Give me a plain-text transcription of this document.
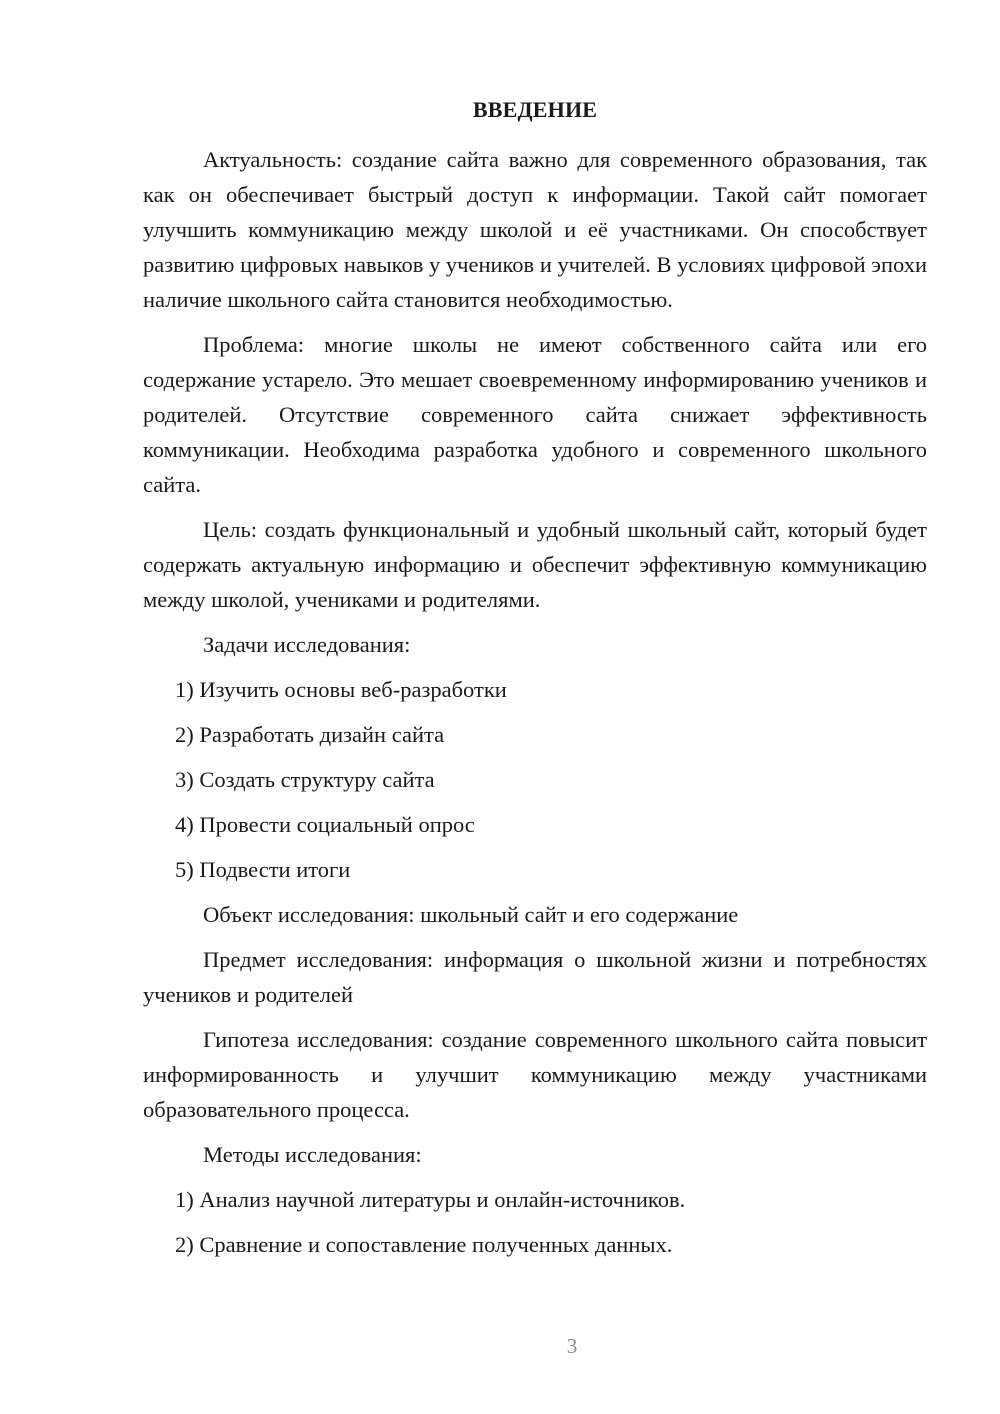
ВВЕДЕНИЕ

Актуальность: создание сайта важно для современного образования, так как он обеспечивает быстрый доступ к информации. Такой сайт помогает улучшить коммуникацию между школой и её участниками. Он способствует развитию цифровых навыков у учеников и учителей. В условиях цифровой эпохи наличие школьного сайта становится необходимостью.

Проблема: многие школы не имеют собственного сайта или его содержание устарело. Это мешает своевременному информированию учеников и родителей. Отсутствие современного сайта снижает эффективность коммуникации. Необходима разработка удобного и современного школьного сайта.

Цель: создать функциональный и удобный школьный сайт, который будет содержать актуальную информацию и обеспечит эффективную коммуникацию между школой, учениками и родителями.

Задачи исследования:

1) Изучить основы веб-разработки

2) Разработать дизайн сайта

3) Создать структуру сайта

4) Провести социальный опрос

5) Подвести итоги

Объект исследования: школьный сайт и его содержание

Предмет исследования: информация о школьной жизни и потребностях учеников и родителей

Гипотеза исследования: создание современного школьного сайта повысит информированность и улучшит коммуникацию между участниками образовательного процесса.

Методы исследования:

1) Анализ научной литературы и онлайн-источников.

2) Сравнение и сопоставление полученных данных.

3
